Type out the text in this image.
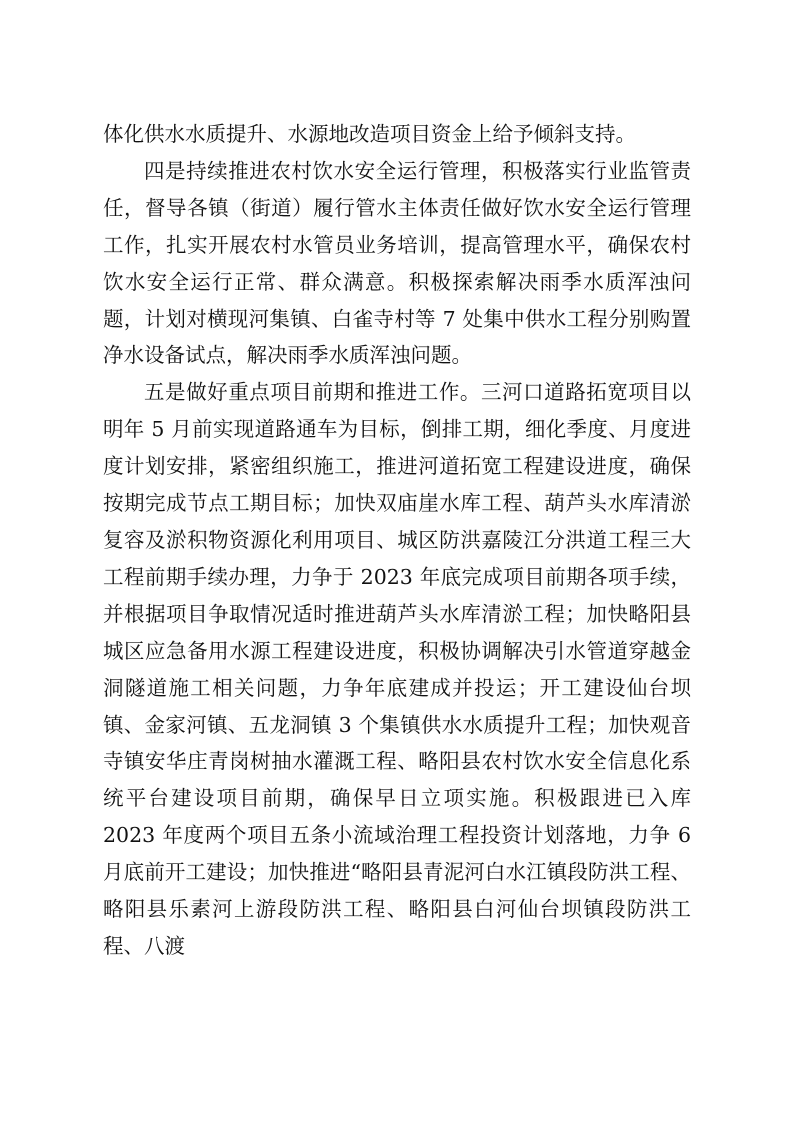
体化供水水质提升、水源地改造项目资金上给予倾斜支持。

四是持续推进农村饮水安全运行管理，积极落实行业监管责任，督导各镇（街道）履行管水主体责任做好饮水安全运行管理工作，扎实开展农村水管员业务培训，提高管理水平，确保农村饮水安全运行正常、群众满意。积极探索解决雨季水质浑浊问题，计划对横现河集镇、白雀寺村等 7 处集中供水工程分别购置净水设备试点，解决雨季水质浑浊问题。

五是做好重点项目前期和推进工作。三河口道路拓宽项目以明年 5 月前实现道路通车为目标，倒排工期，细化季度、月度进度计划安排，紧密组织施工，推进河道拓宽工程建设进度，确保按期完成节点工期目标；加快双庙崖水库工程、葫芦头水库清淤复容及淤积物资源化利用项目、城区防洪嘉陵江分洪道工程三大工程前期手续办理，力争于 2023 年底完成项目前期各项手续，并根据项目争取情况适时推进葫芦头水库清淤工程；加快略阳县城区应急备用水源工程建设进度，积极协调解决引水管道穿越金洞隧道施工相关问题，力争年底建成并投运；开工建设仙台坝镇、金家河镇、五龙洞镇 3 个集镇供水水质提升工程；加快观音寺镇安华庄青岗树抽水灌溉工程、略阳县农村饮水安全信息化系统平台建设项目前期，确保早日立项实施。积极跟进已入库 2023 年度两个项目五条小流域治理工程投资计划落地，力争 6 月底前开工建设；加快推进“略阳县青泥河白水江镇段防洪工程、略阳县乐素河上游段防洪工程、略阳县白河仙台坝镇段防洪工程、八渡
